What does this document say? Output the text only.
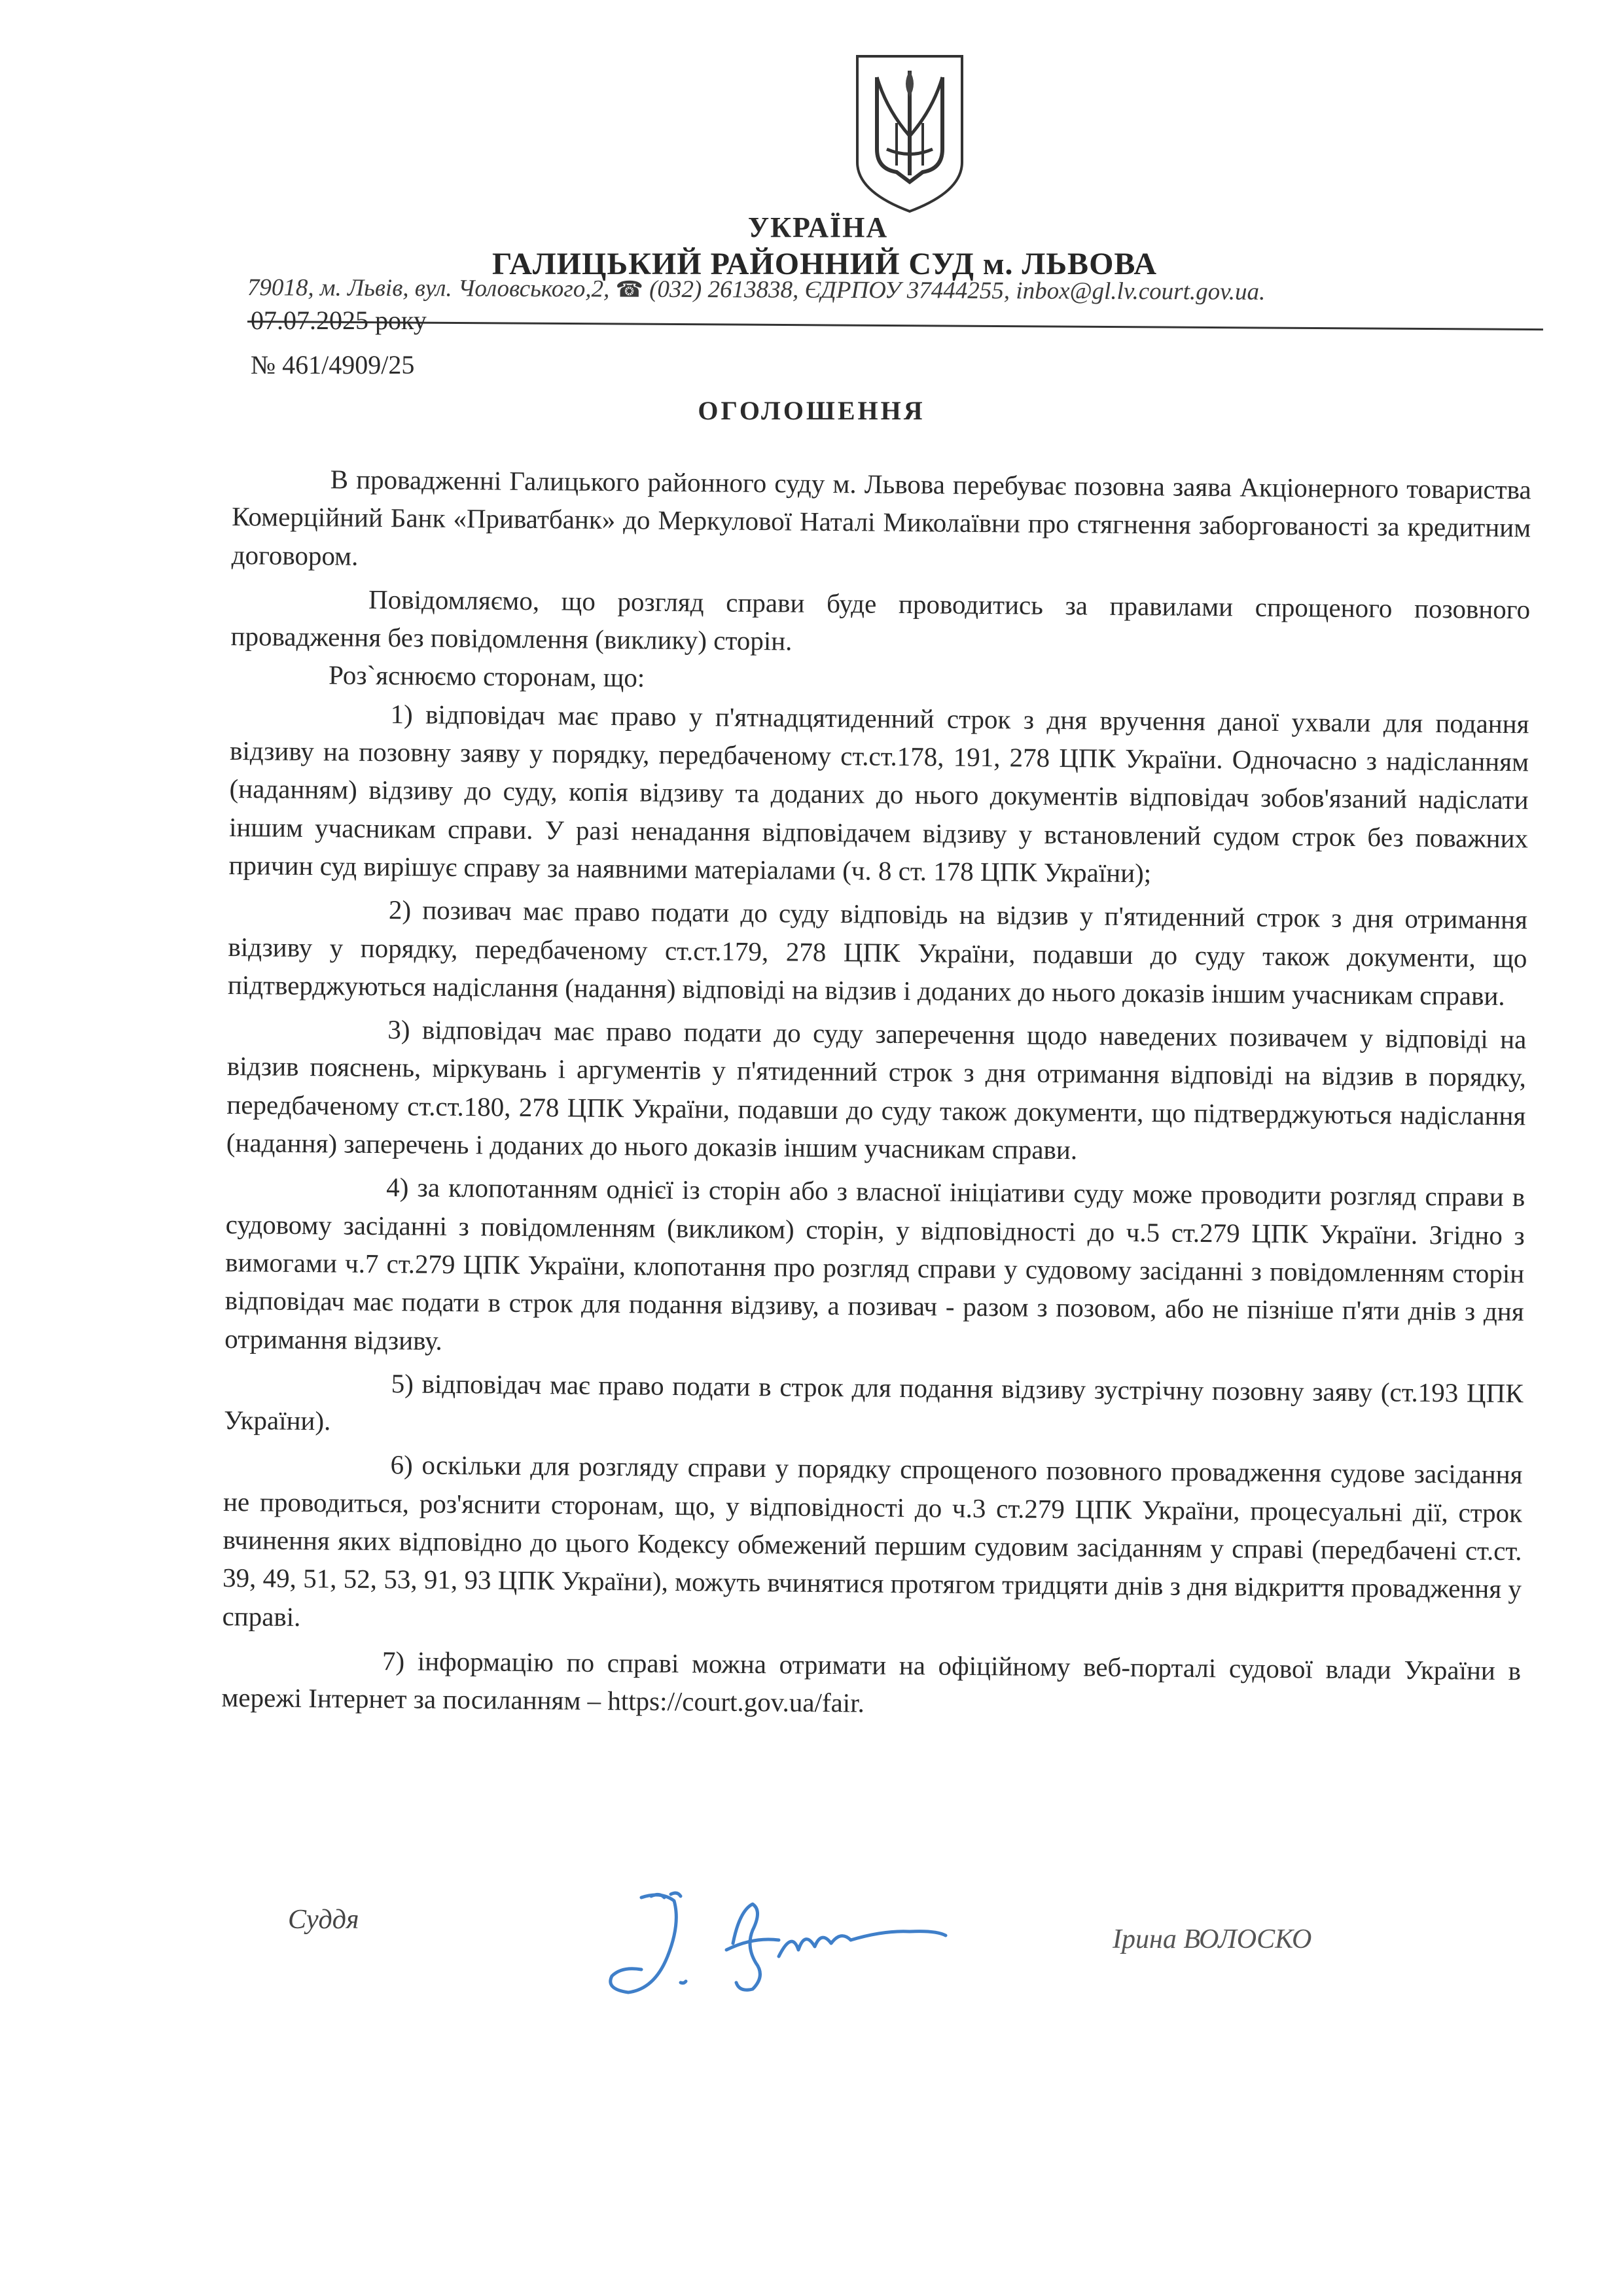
УКРАЇНА
ГАЛИЦЬКИЙ РАЙОННИЙ СУД м. ЛЬВОВА
79018, м. Львів, вул. Чоловського,2, ☎ (032) 2613838, ЄДРПОУ 37444255, inbox@gl.lv.court.gov.ua.
07.07.2025 року
№ 461/4909/25
ОГОЛОШЕННЯ

В провадженні Галицького районного суду м. Львова перебуває позовна заява Акціонерного товариства Комерційний Банк «Приватбанк» до Меркулової Наталі Миколаївни про стягнення заборгованості за кредитним договором.

Повідомляємо, що розгляд справи буде проводитись за правилами спрощеного позовного провадження без повідомлення (виклику) сторін.

Роз`яснюємо сторонам, що:

1) відповідач має право у п'ятнадцятиденний строк з дня вручення даної ухвали для подання відзиву на позовну заяву у порядку, передбаченому ст.ст.178, 191, 278 ЦПК України. Одночасно з надісланням (наданням) відзиву до суду, копія відзиву та доданих до нього документів відповідач зобов'язаний надіслати іншим учасникам справи. У разі ненадання відповідачем відзиву у встановлений судом строк без поважних причин суд вирішує справу за наявними матеріалами (ч. 8 ст. 178 ЦПК України);

2) позивач має право подати до суду відповідь на відзив у п'ятиденний строк з дня отримання відзиву у порядку, передбаченому ст.ст.179, 278 ЦПК України, подавши до суду також документи, що підтверджуються надіслання (надання) відповіді на відзив і доданих до нього доказів іншим учасникам справи.

3) відповідач має право подати до суду заперечення щодо наведених позивачем у відповіді на відзив пояснень, міркувань і аргументів у п'ятиденний строк з дня отримання відповіді на відзив в порядку, передбаченому ст.ст.180, 278 ЦПК України, подавши до суду також документи, що підтверджуються надіслання (надання) заперечень і доданих до нього доказів іншим учасникам справи.

4) за клопотанням однієї із сторін або з власної ініціативи суду може проводити розгляд справи в судовому засіданні з повідомленням (викликом) сторін, у відповідності до ч.5 ст.279 ЦПК України. Згідно з вимогами ч.7 ст.279 ЦПК України, клопотання про розгляд справи у судовому засіданні з повідомленням сторін відповідач має подати в строк для подання відзиву, а позивач - разом з позовом, або не пізніше п'яти днів з дня отримання відзиву.

5) відповідач має право подати в строк для подання відзиву зустрічну позовну заяву (ст.193 ЦПК України).

6) оскільки для розгляду справи у порядку спрощеного позовного провадження судове засідання не проводиться, роз'яснити сторонам, що, у відповідності до ч.3 ст.279 ЦПК України, процесуальні дії, строк вчинення яких відповідно до цього Кодексу обмежений першим судовим засіданням у справі (передбачені ст.ст. 39, 49, 51, 52, 53, 91, 93 ЦПК України), можуть вчинятися протягом тридцяти днів з дня відкриття провадження у справі.

7) інформацію по справі можна отримати на офіційному веб-порталі судової влади України в мережі Інтернет за посиланням – https://court.gov.ua/fair.

Суддя
Ірина ВОЛОСКО
